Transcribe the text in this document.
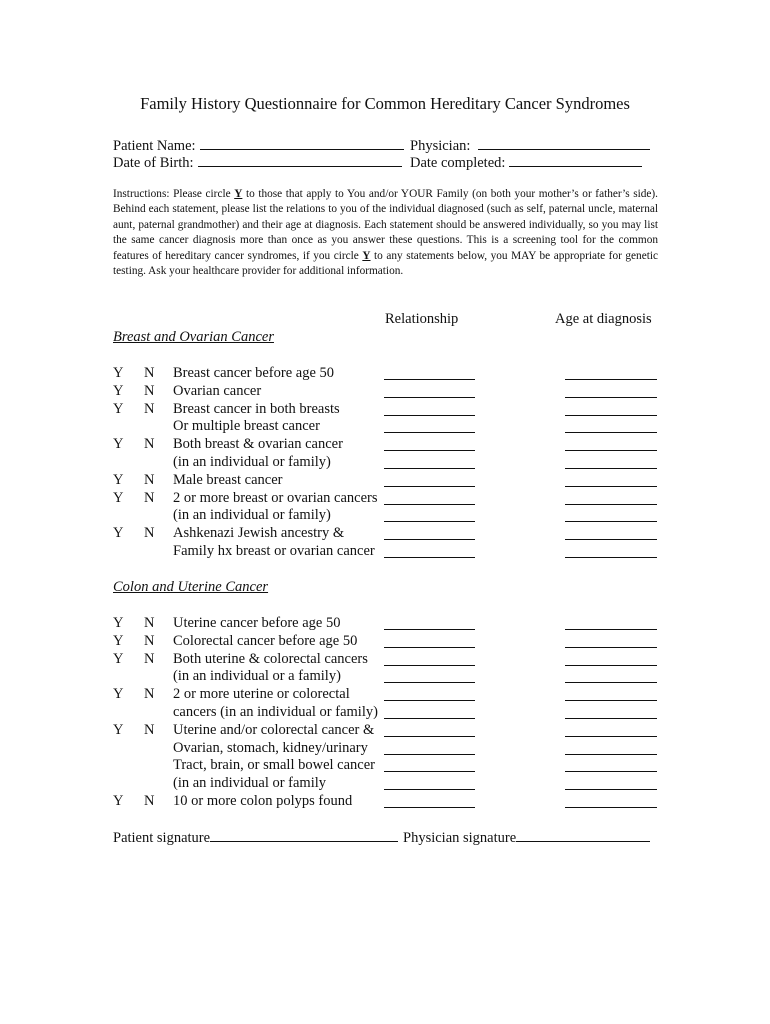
Family History Questionnaire for Common Hereditary Cancer Syndromes
Patient Name:	Physician:
Date of Birth:	Date completed:
Instructions: Please circle Y to those that apply to You and/or YOUR Family (on both your mother’s or father’s side). Behind each statement, please list the relations to you of the individual diagnosed (such as self, paternal uncle, maternal aunt, paternal grandmother) and their age at diagnosis. Each statement should be answered individually, so you may list the same cancer diagnosis more than once as you answer these questions. This is a screening tool for the common features of hereditary cancer syndromes, if you circle Y to any statements below, you MAY be appropriate for genetic testing. Ask your healthcare provider for additional information.
Relationship	Age at diagnosis
Breast and Ovarian Cancer
Y N Breast cancer before age 50
Y N Ovarian cancer
Y N Breast cancer in both breasts
Or multiple breast cancer
Y N Both breast & ovarian cancer
(in an individual or family)
Y N Male breast cancer
Y N 2 or more breast or ovarian cancers
(in an individual or family)
Y N Ashkenazi Jewish ancestry &
Family hx breast or ovarian cancer
Colon and Uterine Cancer
Y N Uterine cancer before age 50
Y N Colorectal cancer before age 50
Y N Both uterine & colorectal cancers
(in an individual or a family)
Y N 2 or more uterine or colorectal
cancers (in an individual or family)
Y N Uterine and/or colorectal cancer &
Ovarian, stomach, kidney/urinary
Tract, brain, or small bowel cancer
(in an individual or family
Y N 10 or more colon polyps found
Patient signature	Physician signature
